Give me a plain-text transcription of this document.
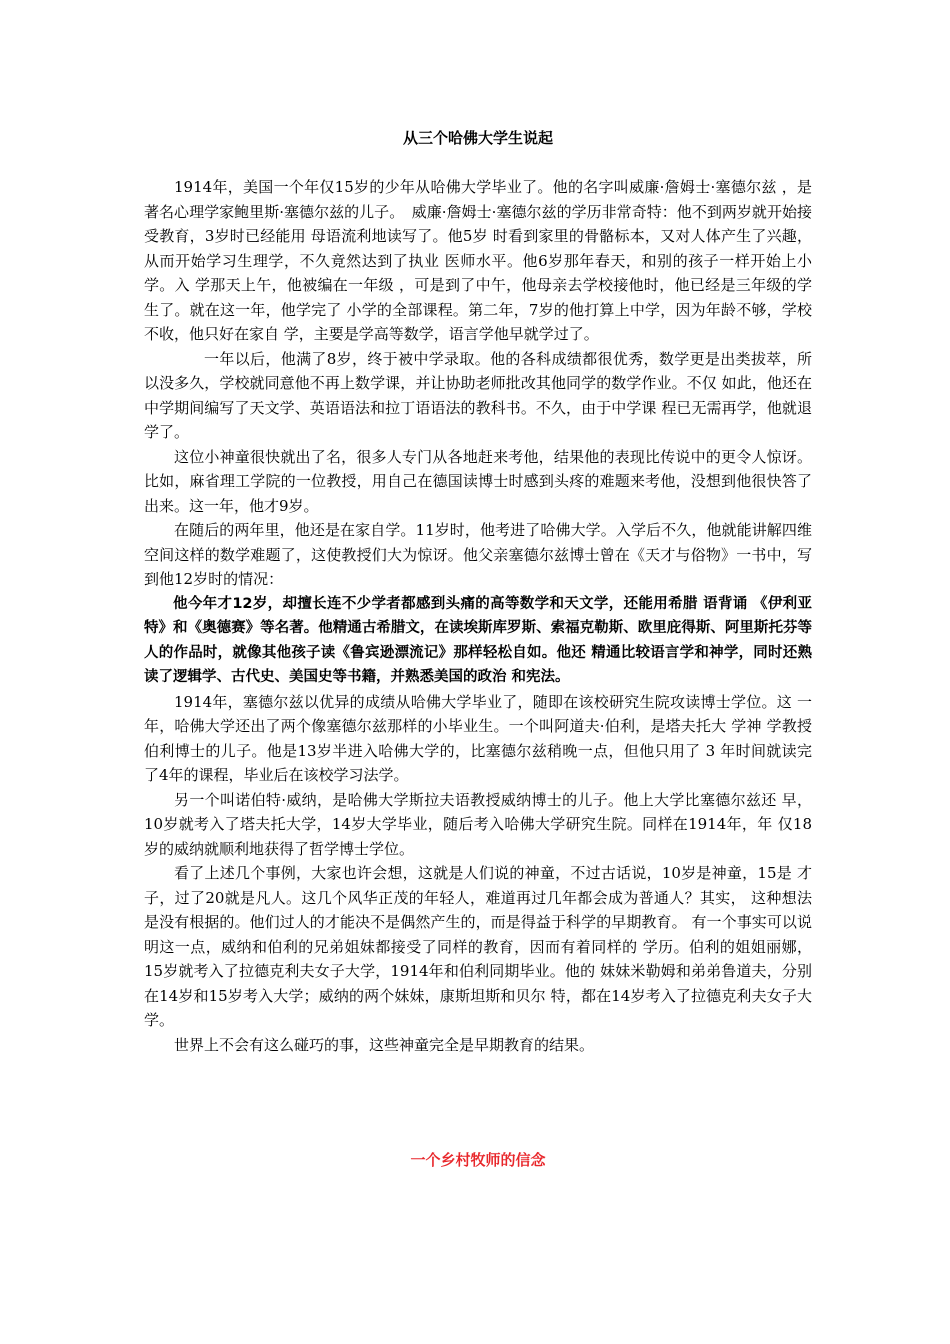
从三个哈佛大学生说起

1914年，美国一个年仅15岁的少年从哈佛大学毕业了。他的名字叫威廉·詹姆士·塞德尔兹 ，是著名心理学家鲍里斯·塞德尔兹的儿子。　威廉·詹姆士·塞德尔兹的学历非常奇特：他不到两岁就开始接受教育，3岁时已经能用 母语流利地读写了。他5岁 时看到家里的骨骼标本，又对人体产生了兴趣，从而开始学习生理学，不久竟然达到了执业 医师水平。他6岁那年春天，和别的孩子一样开始上小学。入 学那天上午，他被编在一年级 ，可是到了中午，他母亲去学校接他时，他已经是三年级的学生了。就在这一年，他学完了 小学的全部课程。第二年，7岁的他打算上中学，因为年龄不够，学校不收，他只好在家自 学，主要是学高等数学，语言学他早就学过了。

一年以后，他满了8岁，终于被中学录取。他的各科成绩都很优秀，数学更是出类拔萃，所 以没多久，学校就同意他不再上数学课，并让协助老师批改其他同学的数学作业。不仅 如此，他还在中学期间编写了天文学、英语语法和拉丁语语法的教科书。不久，由于中学课 程已无需再学，他就退学了。

这位小神童很快就出了名，很多人专门从各地赶来考他，结果他的表现比传说中的更令人惊讶。比如，麻省理工学院的一位教授，用自己在德国读博士时感到头疼的难题来考他，没想到他很快答了出来。这一年，他才9岁。

在随后的两年里，他还是在家自学。11岁时，他考进了哈佛大学。入学后不久，他就能讲解四维空间这样的数学难题了，这使教授们大为惊讶。他父亲塞德尔兹博士曾在《天才与俗物》一书中，写到他12岁时的情况：

他今年才12岁，却擅长连不少学者都感到头痛的高等数学和天文学，还能用希腊 语背诵 《伊利亚特》和《奥德赛》等名著。他精通古希腊文，在读埃斯库罗斯、索福克勒斯、欧里庇得斯、阿里斯托芬等人的作品时，就像其他孩子读《鲁宾逊漂流记》那样轻松自如。他还 精通比较语言学和神学，同时还熟读了逻辑学、古代史、美国史等书籍，并熟悉美国的政治 和宪法。

1914年，塞德尔兹以优异的成绩从哈佛大学毕业了，随即在该校研究生院攻读博士学位。这 一年，哈佛大学还出了两个像塞德尔兹那样的小毕业生。一个叫阿道夫·伯利，是塔夫托大 学神 学教授伯利博士的儿子。他是13岁半进入哈佛大学的，比塞德尔兹稍晚一点，但他只用了 3 年时间就读完了4年的课程，毕业后在该校学习法学。

另一个叫诺伯特·威纳，是哈佛大学斯拉夫语教授威纳博士的儿子。他上大学比塞德尔兹还 早， 10岁就考入了塔夫托大学，14岁大学毕业，随后考入哈佛大学研究生院。同样在1914年，年 仅18岁的威纳就顺利地获得了哲学博士学位。

看了上述几个事例，大家也许会想，这就是人们说的神童，不过古话说，10岁是神童，15是 才子，过了20就是凡人。这几个风华正茂的年轻人，难道再过几年都会成为普通人？其实， 这种想法是没有根据的。他们过人的才能决不是偶然产生的，而是得益于科学的早期教育。 有一个事实可以说明这一点，威纳和伯利的兄弟姐妹都接受了同样的教育，因而有着同样的 学历。伯利的姐姐丽娜，15岁就考入了拉德克利夫女子大学，1914年和伯利同期毕业。他的 妹妹米勒姆和弟弟鲁道夫，分别在14岁和15岁考入大学；威纳的两个妹妹，康斯坦斯和贝尔 特，都在14岁考入了拉德克利夫女子大学。

世界上不会有这么碰巧的事，这些神童完全是早期教育的结果。

一个乡村牧师的信念
